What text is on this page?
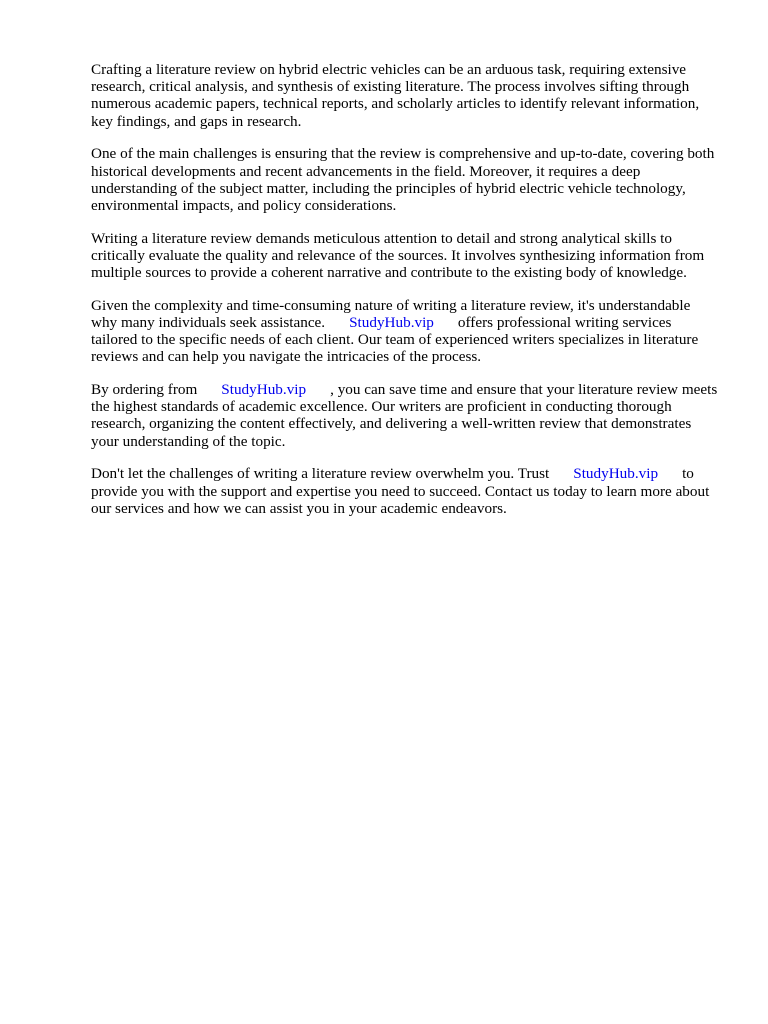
Crafting a literature review on hybrid electric vehicles can be an arduous task, requiring extensive research, critical analysis, and synthesis of existing literature. The process involves sifting through numerous academic papers, technical reports, and scholarly articles to identify relevant information, key findings, and gaps in research.

One of the main challenges is ensuring that the review is comprehensive and up-to-date, covering both historical developments and recent advancements in the field. Moreover, it requires a deep understanding of the subject matter, including the principles of hybrid electric vehicle technology, environmental impacts, and policy considerations.

Writing a literature review demands meticulous attention to detail and strong analytical skills to critically evaluate the quality and relevance of the sources. It involves synthesizing information from multiple sources to provide a coherent narrative and contribute to the existing body of knowledge.

Given the complexity and time-consuming nature of writing a literature review, it's understandable why many individuals seek assistance. StudyHub.vip offers professional writing services tailored to the specific needs of each client. Our team of experienced writers specializes in literature reviews and can help you navigate the intricacies of the process.

By ordering from StudyHub.vip , you can save time and ensure that your literature review meets the highest standards of academic excellence. Our writers are proficient in conducting thorough research, organizing the content effectively, and delivering a well-written review that demonstrates your understanding of the topic.

Don't let the challenges of writing a literature review overwhelm you. Trust StudyHub.vip to provide you with the support and expertise you need to succeed. Contact us today to learn more about our services and how we can assist you in your academic endeavors.
